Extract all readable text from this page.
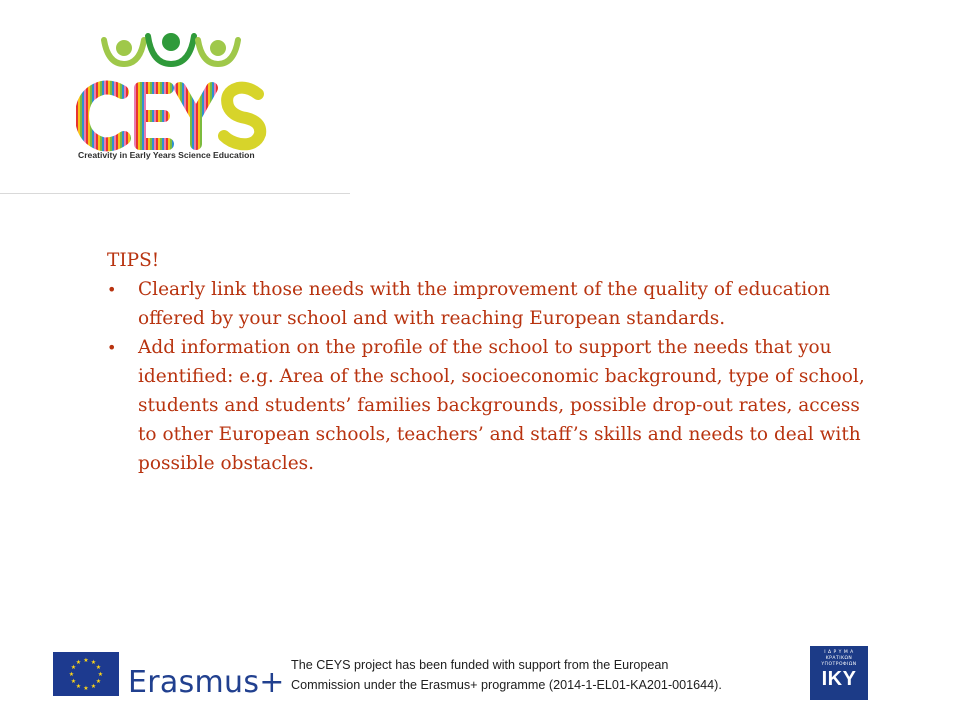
Creativity in Early Years Science Education

TIPS!

• Clearly link those needs with the improvement of the quality of education offered by your school and with reaching European standards.
• Add information on the profile of the school to support the needs that you identified: e.g. Area of the school, socioeconomic background, type of school, students and students’ families backgrounds, possible drop-out rates, access to other European schools, teachers’ and staff’s skills and needs to deal with possible obstacles.
★ ★
★
★
★
★
★
★
★
★
★
★
Erasmus+ The CEYS project has been funded with support from the European
Commission under the Erasmus+ programme (2014-1-EL01-KA201-001644).
Ι Δ Ρ Υ Μ Α
ΚΡΑΤΙΚΩΝ
ΥΠΟΤΡΟΦΙΩΝ
IKY
